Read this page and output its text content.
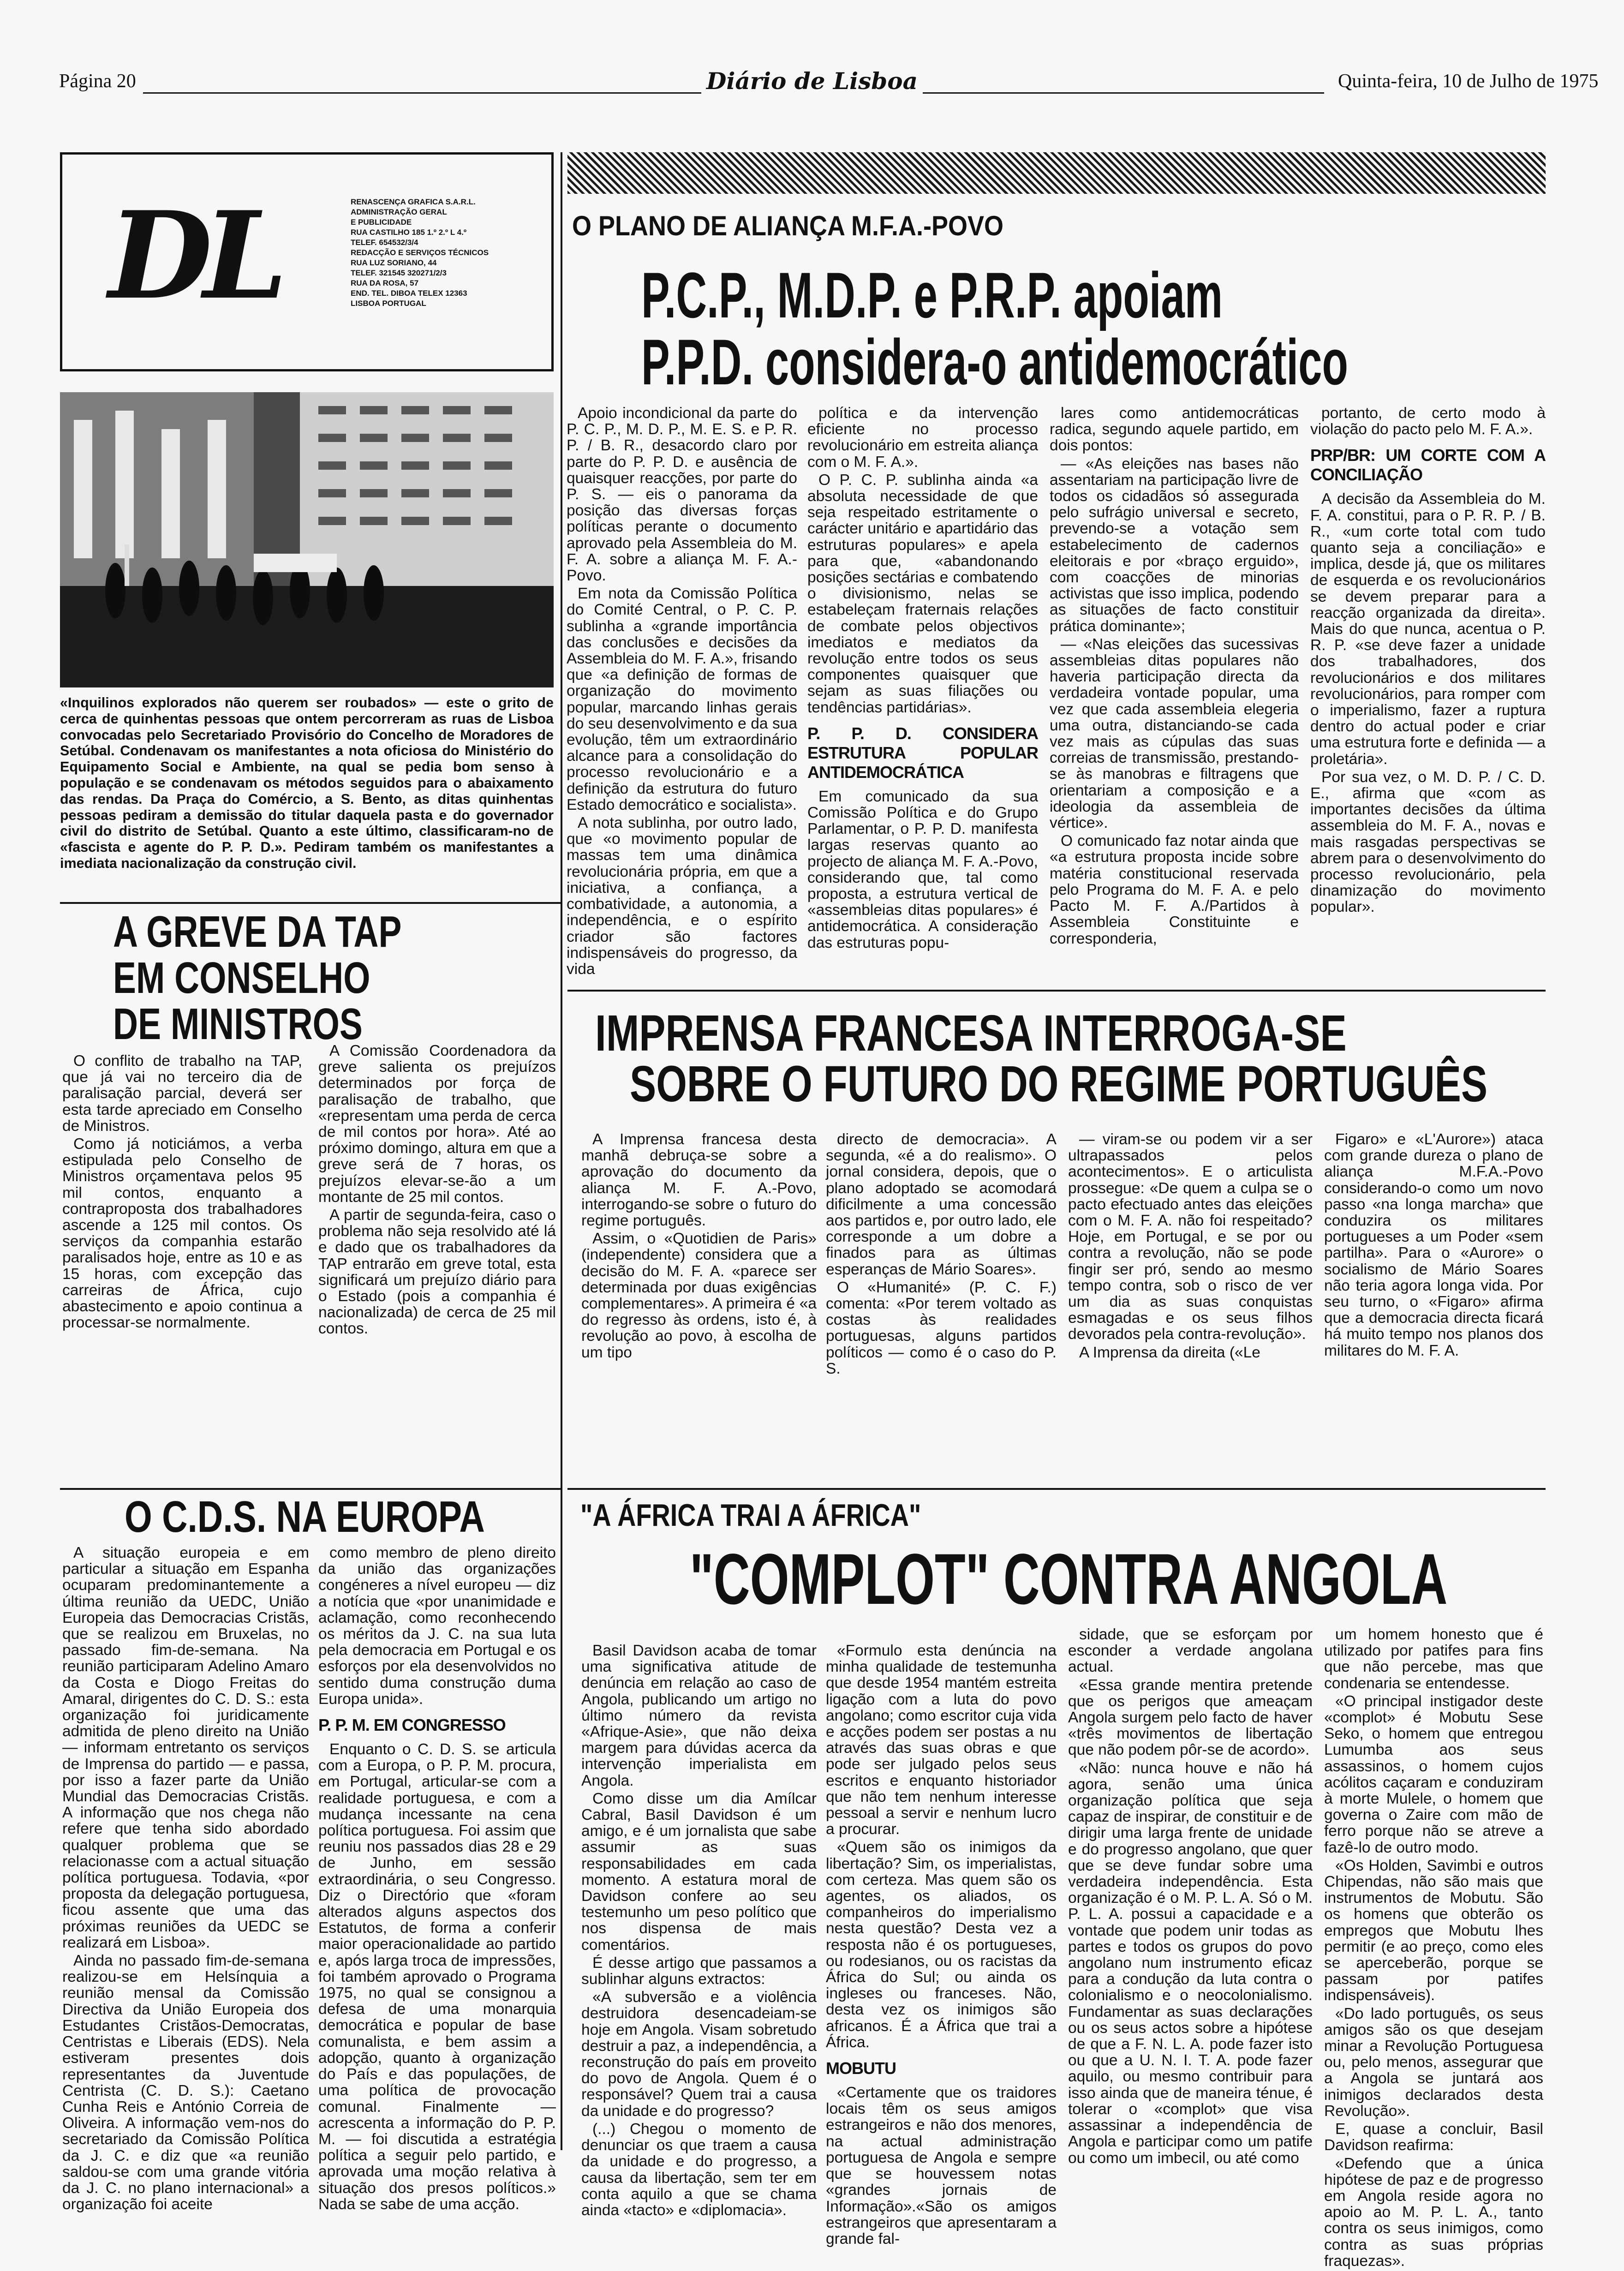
Página 20	Diário de Lisboa	Quinta-feira, 10 de Julho de 1975
DL	RENASCENÇA GRAFICA S.A.R.L.
ADMINISTRAÇÃO GERAL
E PUBLICIDADE
RUA CASTILHO 185 1.º 2.º L 4.º
TELEF. 654532/3/4
REDACÇÃO E SERVIÇOS TÉCNICOS
RUA LUZ SORIANO, 44
TELEF. 321545 320271/2/3
RUA DA ROSA, 57
END. TEL. DIBOA TELEX 12363
LISBOA PORTUGAL
«Inquilinos explorados não querem ser roubados» — este o grito de cerca de quinhentas pessoas que ontem percorreram as ruas de Lisboa convocadas pelo Secretariado Provisório do Concelho de Moradores de Setúbal. Condenavam os manifestantes a nota oficiosa do Ministério do Equipamento Social e Ambiente, na qual se pedia bom senso à população e se condenavam os métodos seguidos para o abaixamento das rendas. Da Praça do Comércio, a S. Bento, as ditas quinhentas pessoas pediram a demissão do titular daquela pasta e do governador civil do distrito de Setúbal. Quanto a este último, classificaram-no de «fascista e agente do P. P. D.». Pediram também os manifestantes a imediata nacionalização da construção civil.
O PLANO DE ALIANÇA M.F.A.-POVO
P.C.P., M.D.P. e P.R.P. apoiam
P.P.D. considera-o antidemocrático

Apoio incondicional da parte do P. C. P., M. D. P., M. E. S. e P. R. P. / B. R., desacordo claro por parte do P. P. D. e ausência de quaisquer reacções, por parte do P. S. — eis o panorama da posição das diversas forças políticas perante o documento aprovado pela Assembleia do M. F. A. sobre a aliança M. F. A.-Povo.

Em nota da Comissão Política do Comité Central, o P. C. P. sublinha a «grande importância das conclusões e decisões da Assembleia do M. F. A.», frisando que «a definição de formas de organização do movimento popular, marcando linhas gerais do seu desenvolvimento e da sua evolução, têm um extraordinário alcance para a consolidação do processo revolucionário e a definição da estrutura do futuro Estado democrático e socialista».

A nota sublinha, por outro lado, que «o movimento popular de massas tem uma dinâmica revolucionária própria, em que a iniciativa, a confiança, a combatividade, a autonomia, a independência, e o espírito criador são factores indispensáveis do progresso, da vida

política e da intervenção eficiente no processo revolucionário em estreita aliança com o M. F. A.».

O P. C. P. sublinha ainda «a absoluta necessidade de que seja respeitado estritamente o carácter unitário e apartidário das estruturas populares» e apela para que, «abandonando posições sectárias e combatendo o divisionismo, nelas se estabeleçam fraternais relações de combate pelos objectivos imediatos e mediatos da revolução entre todos os seus componentes quaisquer que sejam as suas filiações ou tendências partidárias».

P. P. D. CONSIDERA ESTRUTURA POPULAR ANTIDEMOCRÁTICA

Em comunicado da sua Comissão Política e do Grupo Parlamentar, o P. P. D. manifesta largas reservas quanto ao projecto de aliança M. F. A.-Povo, considerando que, tal como proposta, a estrutura vertical de «assembleias ditas populares» é antidemocrática. A consideração das estruturas popu-

lares como antidemocráticas radica, segundo aquele partido, em dois pontos:

— «As eleições nas bases não assentariam na participação livre de todos os cidadãos só assegurada pelo sufrágio universal e secreto, prevendo-se a votação sem estabelecimento de cadernos eleitorais e por «braço erguido», com coacções de minorias activistas que isso implica, podendo as situações de facto constituir prática dominante»;

— «Nas eleições das sucessivas assembleias ditas populares não haveria participação directa da verdadeira vontade popular, uma vez que cada assembleia elegeria uma outra, distanciando-se cada vez mais as cúpulas das suas correias de transmissão, prestando-se às manobras e filtragens que orientariam a composição e a ideologia da assembleia de vértice».

O comunicado faz notar ainda que «a estrutura proposta incide sobre matéria constitucional reservada pelo Programa do M. F. A. e pelo Pacto M. F. A./Partidos à Assembleia Constituinte e corresponderia,

portanto, de certo modo à violação do pacto pelo M. F. A.».

PRP/BR: UM CORTE COM A CONCILIAÇÃO

A decisão da Assembleia do M. F. A. constitui, para o P. R. P. / B. R., «um corte total com tudo quanto seja a conciliação» e implica, desde já, que os militares de esquerda e os revolucionários se devem preparar para a reacção organizada da direita». Mais do que nunca, acentua o P. R. P. «se deve fazer a unidade dos trabalhadores, dos revolucionários e dos militares revolucionários, para romper com o imperialismo, fazer a ruptura dentro do actual poder e criar uma estrutura forte e definida — a proletária».

Por sua vez, o M. D. P. / C. D. E., afirma que «com as importantes decisões da última assembleia do M. F. A., novas e mais rasgadas perspectivas se abrem para o desenvolvimento do processo revolucionário, pela dinamização do movimento popular».

A GREVE DA TAP
EM CONSELHO
DE MINISTROS

O conflito de trabalho na TAP, que já vai no terceiro dia de paralisação parcial, deverá ser esta tarde apreciado em Conselho de Ministros.

Como já noticiámos, a verba estipulada pelo Conselho de Ministros orçamentava pelos 95 mil contos, enquanto a contraproposta dos trabalhadores ascende a 125 mil contos. Os serviços da companhia estarão paralisados hoje, entre as 10 e as 15 horas, com excepção das carreiras de África, cujo abastecimento e apoio continua a processar-se normalmente.

A Comissão Coordenadora da greve salienta os prejuízos determinados por força de paralisação de trabalho, que «representam uma perda de cerca de mil contos por hora». Até ao próximo domingo, altura em que a greve será de 7 horas, os prejuízos elevar-se-ão a um montante de 25 mil contos.

A partir de segunda-feira, caso o problema não seja resolvido até lá e dado que os trabalhadores da TAP entrarão em greve total, esta significará um prejuízo diário para o Estado (pois a companhia é nacionalizada) de cerca de 25 mil contos.

IMPRENSA FRANCESA INTERROGA-SE
SOBRE O FUTURO DO REGIME PORTUGUÊS

A Imprensa francesa desta manhã debruça-se sobre a aprovação do documento da aliança M. F. A.-Povo, interrogando-se sobre o futuro do regime português.

Assim, o «Quotidien de Paris» (independente) considera que a decisão do M. F. A. «parece ser determinada por duas exigências complementares». A primeira é «a do regresso às ordens, isto é, à revolução ao povo, à escolha de um tipo

directo de democracia». A segunda, «é a do realismo». O jornal considera, depois, que o plano adoptado se acomodará dificilmente a uma concessão aos partidos e, por outro lado, ele corresponde a um dobre a finados para as últimas esperanças de Mário Soares».

O «Humanité» (P. C. F.) comenta: «Por terem voltado as costas às realidades portuguesas, alguns partidos políticos — como é o caso do P. S.

— viram-se ou podem vir a ser ultrapassados pelos acontecimentos». E o articulista prossegue: «De quem a culpa se o pacto efectuado antes das eleições com o M. F. A. não foi respeitado? Hoje, em Portugal, e se por ou contra a revolução, não se pode fingir ser pró, sendo ao mesmo tempo contra, sob o risco de ver um dia as suas conquistas esmagadas e os seus filhos devorados pela contra-revolução».

A Imprensa da direita («Le

Figaro» e «L'Aurore») ataca com grande dureza o plano de aliança M.F.A.-Povo considerando-o como um novo passo «na longa marcha» que conduzira os militares portugueses a um Poder «sem partilha». Para o «Aurore» o socialismo de Mário Soares não teria agora longa vida. Por seu turno, o «Figaro» afirma que a democracia directa ficará há muito tempo nos planos dos militares do M. F. A.

O C.D.S. NA EUROPA

A situação europeia e em particular a situação em Espanha ocuparam predominantemente a última reunião da UEDC, União Europeia das Democracias Cristãs, que se realizou em Bruxelas, no passado fim-de-semana. Na reunião participaram Adelino Amaro da Costa e Diogo Freitas do Amaral, dirigentes do C. D. S.: esta organização foi juridicamente admitida de pleno direito na União — informam entretanto os serviços de Imprensa do partido — e passa, por isso a fazer parte da União Mundial das Democracias Cristãs. A informação que nos chega não refere que tenha sido abordado qualquer problema que se relacionasse com a actual situação política portuguesa. Todavia, «por proposta da delegação portuguesa, ficou assente que uma das próximas reuniões da UEDC se realizará em Lisboa».

Ainda no passado fim-de-semana realizou-se em Helsínquia a reunião mensal da Comissão Directiva da União Europeia dos Estudantes Cristãos-Democratas, Centristas e Liberais (EDS). Nela estiveram presentes dois representantes da Juventude Centrista (C. D. S.): Caetano Cunha Reis e António Correia de Oliveira. A informação vem-nos do secretariado da Comissão Política da J. C. e diz que «a reunião saldou-se com uma grande vitória da J. C. no plano internacional» a organização foi aceite

como membro de pleno direito da união das organizações congéneres a nível europeu — diz a notícia que «por unanimidade e aclamação, como reconhecendo os méritos da J. C. na sua luta pela democracia em Portugal e os esforços por ela desenvolvidos no sentido duma construção duma Europa unida».

P. P. M. EM CONGRESSO

Enquanto o C. D. S. se articula com a Europa, o P. P. M. procura, em Portugal, articular-se com a realidade portuguesa, e com a mudança incessante na cena política portuguesa. Foi assim que reuniu nos passados dias 28 e 29 de Junho, em sessão extraordinária, o seu Congresso. Diz o Directório que «foram alterados alguns aspectos dos Estatutos, de forma a conferir maior operacionalidade ao partido e, após larga troca de impressões, foi também aprovado o Programa 1975, no qual se consignou a defesa de uma monarquia democrática e popular de base comunalista, e bem assim a adopção, quanto à organização do País e das populações, de uma política de provocação comunal. Finalmente — acrescenta a informação do P. P. M. — foi discutida a estratégia política a seguir pelo partido, e aprovada uma moção relativa à situação dos presos políticos.» Nada se sabe de uma acção.

"A ÁFRICA TRAI A ÁFRICA"
"COMPLOT" CONTRA ANGOLA

Basil Davidson acaba de tomar uma significativa atitude de denúncia em relação ao caso de Angola, publicando um artigo no último número da revista «Afrique-Asie», que não deixa margem para dúvidas acerca da intervenção imperialista em Angola.

Como disse um dia Amílcar Cabral, Basil Davidson é um amigo, e é um jornalista que sabe assumir as suas responsabilidades em cada momento. A estatura moral de Davidson confere ao seu testemunho um peso político que nos dispensa de mais comentários.

É desse artigo que passamos a sublinhar alguns extractos:

«A subversão e a violência destruidora desencadeiam-se hoje em Angola. Visam sobretudo destruir a paz, a independência, a reconstrução do país em proveito do povo de Angola. Quem é o responsável? Quem trai a causa da unidade e do progresso?

(...) Chegou o momento de denunciar os que traem a causa da unidade e do progresso, a causa da libertação, sem ter em conta aquilo a que se chama ainda «tacto» e «diplomacia».

«Formulo esta denúncia na minha qualidade de testemunha que desde 1954 mantém estreita ligação com a luta do povo angolano; como escritor cuja vida e acções podem ser postas a nu através das suas obras e que pode ser julgado pelos seus escritos e enquanto historiador que não tem nenhum interesse pessoal a servir e nenhum lucro a procurar.

«Quem são os inimigos da libertação? Sim, os imperialistas, com certeza. Mas quem são os agentes, os aliados, os companheiros do imperialismo nesta questão? Desta vez a resposta não é os portugueses, ou rodesianos, ou os racistas da África do Sul; ou ainda os ingleses ou franceses. Não, desta vez os inimigos são africanos. É a África que trai a África.

MOBUTU

«Certamente que os traidores locais têm os seus amigos estrangeiros e não dos menores, na actual administração portuguesa de Angola e sempre que se houvessem notas «grandes jornais de Informação».«São os amigos estrangeiros que apresentaram a grande fal-

sidade, que se esforçam por esconder a verdade angolana actual.

«Essa grande mentira pretende que os perigos que ameaçam Angola surgem pelo facto de haver «três movimentos de libertação que não podem pôr-se de acordo».

«Não: nunca houve e não há agora, senão uma única organização política que seja capaz de inspirar, de constituir e de dirigir uma larga frente de unidade e do progresso angolano, que quer que se deve fundar sobre uma verdadeira independência. Esta organização é o M. P. L. A. Só o M. P. L. A. possui a capacidade e a vontade que podem unir todas as partes e todos os grupos do povo angolano num instrumento eficaz para a condução da luta contra o colonialismo e o neocolonialismo. Fundamentar as suas declarações ou os seus actos sobre a hipótese de que a F. N. L. A. pode fazer isto ou que a U. N. I. T. A. pode fazer aquilo, ou mesmo contribuir para isso ainda que de maneira ténue, é tolerar o «complot» que visa assassinar a independência de Angola e participar como um patife ou como um imbecil, ou até como

um homem honesto que é utilizado por patifes para fins que não percebe, mas que condenaria se entendesse.

«O principal instigador deste «complot» é Mobutu Sese Seko, o homem que entregou Lumumba aos seus assassinos, o homem cujos acólitos caçaram e conduziram à morte Mulele, o homem que governa o Zaire com mão de ferro porque não se atreve a fazê-lo de outro modo.

«Os Holden, Savimbi e outros Chipendas, não são mais que instrumentos de Mobutu. São os homens que obterão os empregos que Mobutu lhes permitir (e ao preço, como eles se aperceberão, porque se passam por patifes indispensáveis).

«Do lado português, os seus amigos são os que desejam minar a Revolução Portuguesa ou, pelo menos, assegurar que a Angola se juntará aos inimigos declarados desta Revolução».

E, quase a concluir, Basil Davidson reafirma:

«Defendo que a única hipótese de paz e de progresso em Angola reside agora no apoio ao M. P. L. A., tanto contra os seus inimigos, como contra as suas próprias fraquezas».
